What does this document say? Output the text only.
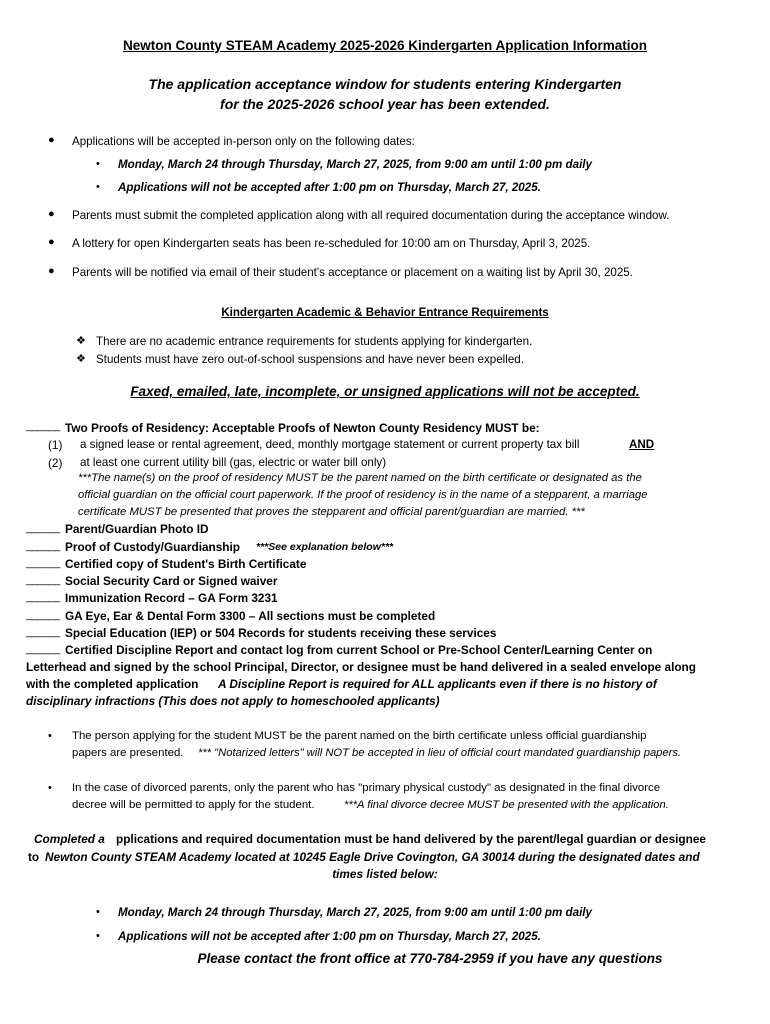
Newton County STEAM Academy 2025-2026 Kindergarten Application Information
The application acceptance window for students entering Kindergarten
for the 2025-2026 school year has been extended.
● Applications will be accepted in-person only on the following dates:
• Monday, March 24 through Thursday, March 27, 2025, from 9:00 am until 1:00 pm daily
• Applications will not be accepted after 1:00 pm on Thursday, March 27, 2025.
● Parents must submit the completed application along with all required documentation during the acceptance window.
● A lottery for open Kindergarten seats has been re-scheduled for 10:00 am on Thursday, April 3, 2025.
● Parents will be notified via email of their student's acceptance or placement on a waiting list by April 30, 2025.
Kindergarten Academic & Behavior Entrance Requirements
❖ There are no academic entrance requirements for students applying for kindergarten.
❖ Students must have zero out-of-school suspensions and have never been expelled.
Faxed, emailed, late, incomplete, or unsigned applications will not be accepted.
______ Two Proofs of Residency: Acceptable Proofs of Newton County Residency MUST be:
(1) a signed lease or rental agreement, deed, monthly mortgage statement or current property tax bill	AND
(2) at least one current utility bill (gas, electric or water bill only)
***The name(s) on the proof of residency MUST be the parent named on the birth certificate or designated as the
official guardian on the official court paperwork. If the proof of residency is in the name of a stepparent, a marriage
certificate MUST be presented that proves the stepparent and official parent/guardian are married. ***
______ Parent/Guardian Photo ID
______ Proof of Custody/Guardianship ***See explanation below***
______ Certified copy of Student's Birth Certificate
______ Social Security Card or Signed waiver
______ Immunization Record – GA Form 3231
______ GA Eye, Ear & Dental Form 3300 – All sections must be completed
______ Special Education (IEP) or 504 Records for students receiving these services
______ Certified Discipline Report and contact log from current School or Pre-School Center/Learning Center on
Letterhead and signed by the school Principal, Director, or designee must be hand delivered in a sealed envelope along
with the completed application A Discipline Report is required for ALL applicants even if there is no history of
disciplinary infractions (This does not apply to homeschooled applicants)
• The person applying for the student MUST be the parent named on the birth certificate unless official guardianship
papers are presented. *** "Notarized letters" will NOT be accepted in lieu of official court mandated guardianship papers.
• In the case of divorced parents, only the parent who has "primary physical custody" as designated in the final divorce
decree will be permitted to apply for the student.	***A final divorce decree MUST be presented with the application.
Completed a pplications and required documentation must be hand delivered by the parent/legal guardian or designee
to Newton County STEAM Academy located at 10245 Eagle Drive Covington, GA 30014 during the designated dates and
times listed below:
• Monday, March 24 through Thursday, March 27, 2025, from 9:00 am until 1:00 pm daily
• Applications will not be accepted after 1:00 pm on Thursday, March 27, 2025.
Please contact the front office at 770-784-2959 if you have any questions
